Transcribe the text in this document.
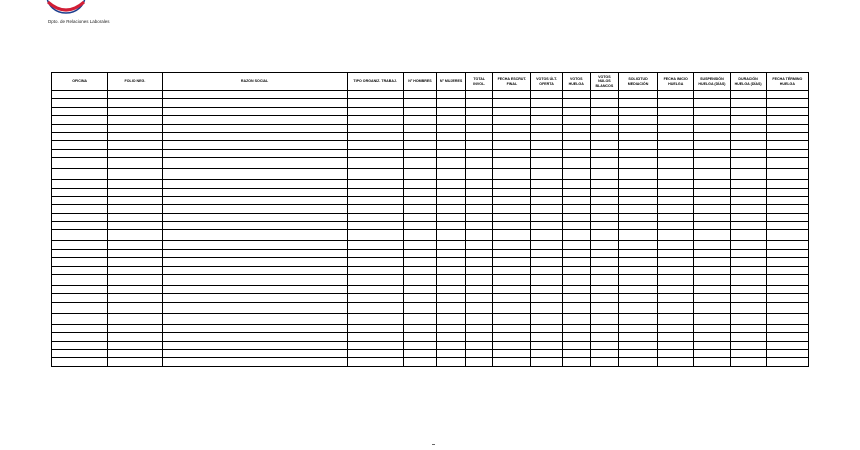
Dpto. de Relaciones Laborales
OFICINA	FOLIO NEG.	RAZON SOCIAL	TIPO ORGANIZ. TRABAJ.	N° HOMBRES	N° MUJERES	TOTAL INVOL.	FECHA ESCRUT. FINAL	VOTOS ÚLT. OFERTA	VOTOS HUELGA	VOTOS NULOS BLANCOS	SOLICITUD MEDIACIÓN	FECHA INICIO HUELGA	SUSPENSIÓN HUELGA (DÍAS)	DURACIÓN HUELGA (DÍAS)	FECHA TÉRMINO HUELGA
